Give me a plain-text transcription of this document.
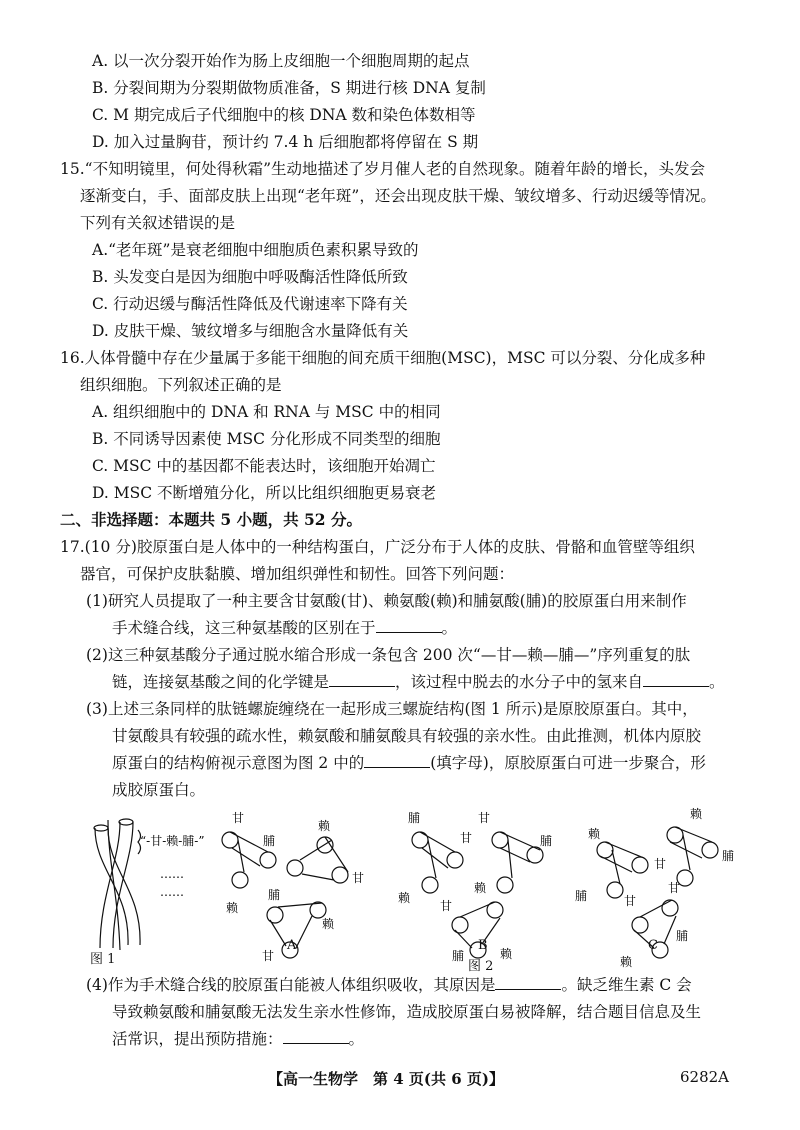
A. 以一次分裂开始作为肠上皮细胞一个细胞周期的起点
B. 分裂间期为分裂期做物质准备，S 期进行核 DNA 复制
C. M 期完成后子代细胞中的核 DNA 数和染色体数相等
D. 加入过量胸苷，预计约 7.4 h 后细胞都将停留在 S 期
15.“不知明镜里，何处得秋霜”生动地描述了岁月催人老的自然现象。随着年龄的增长，头发会
逐渐变白，手、面部皮肤上出现“老年斑”，还会出现皮肤干燥、皱纹增多、行动迟缓等情况。
下列有关叙述错误的是
A.“老年斑”是衰老细胞中细胞质色素积累导致的
B. 头发变白是因为细胞中呼吸酶活性降低所致
C. 行动迟缓与酶活性降低及代谢速率下降有关
D. 皮肤干燥、皱纹增多与细胞含水量降低有关
16.人体骨髓中存在少量属于多能干细胞的间充质干细胞(MSC)，MSC 可以分裂、分化成多种
组织细胞。下列叙述正确的是
A. 组织细胞中的 DNA 和 RNA 与 MSC 中的相同
B. 不同诱导因素使 MSC 分化形成不同类型的细胞
C. MSC 中的基因都不能表达时，该细胞开始凋亡
D. MSC 不断增殖分化，所以比组织细胞更易衰老
二、非选择题：本题共 5 小题，共 52 分。
17.(10 分)胶原蛋白是人体中的一种结构蛋白，广泛分布于人体的皮肤、骨骼和血管壁等组织
器官，可保护皮肤黏膜、增加组织弹性和韧性。回答下列问题：
(1)研究人员提取了一种主要含甘氨酸(甘)、赖氨酸(赖)和脯氨酸(脯)的胶原蛋白用来制作
手术缝合线，这三种氨基酸的区别在于	。
(2)这三种氨基酸分子通过脱水缩合形成一条包含 200 次“—甘—赖—脯—”序列重复的肽
链，连接氨基酸之间的化学键是	，该过程中脱去的水分子中的氢来自	。
(3)上述三条同样的肽链螺旋缠绕在一起形成三螺旋结构(图 1 所示)是原胶原蛋白。其中，
甘氨酸具有较强的疏水性，赖氨酸和脯氨酸具有较强的亲水性。由此推测，机体内原胶
原蛋白的结构俯视示意图为图 2 中的	(填字母)，原胶原蛋白可进一步聚合，形
成胶原蛋白。
“-甘-赖-脯-”
……
……
甘
脯
赖
赖
甘
脯
赖
甘
脯
甘
赖
甘
脯
赖
甘
脯	赖
赖
脯	甘
赖
脯
甘
甘
脯
赖
图 1
A	B	C
图 2
(4)作为手术缝合线的胶原蛋白能被人体组织吸收，其原因是	。缺乏维生素 C 会
导致赖氨酸和脯氨酸无法发生亲水性修饰，造成胶原蛋白易被降解，结合题目信息及生
活常识，提出预防措施：	。
【高一生物学　第 4 页(共 6 页)】	6282A
